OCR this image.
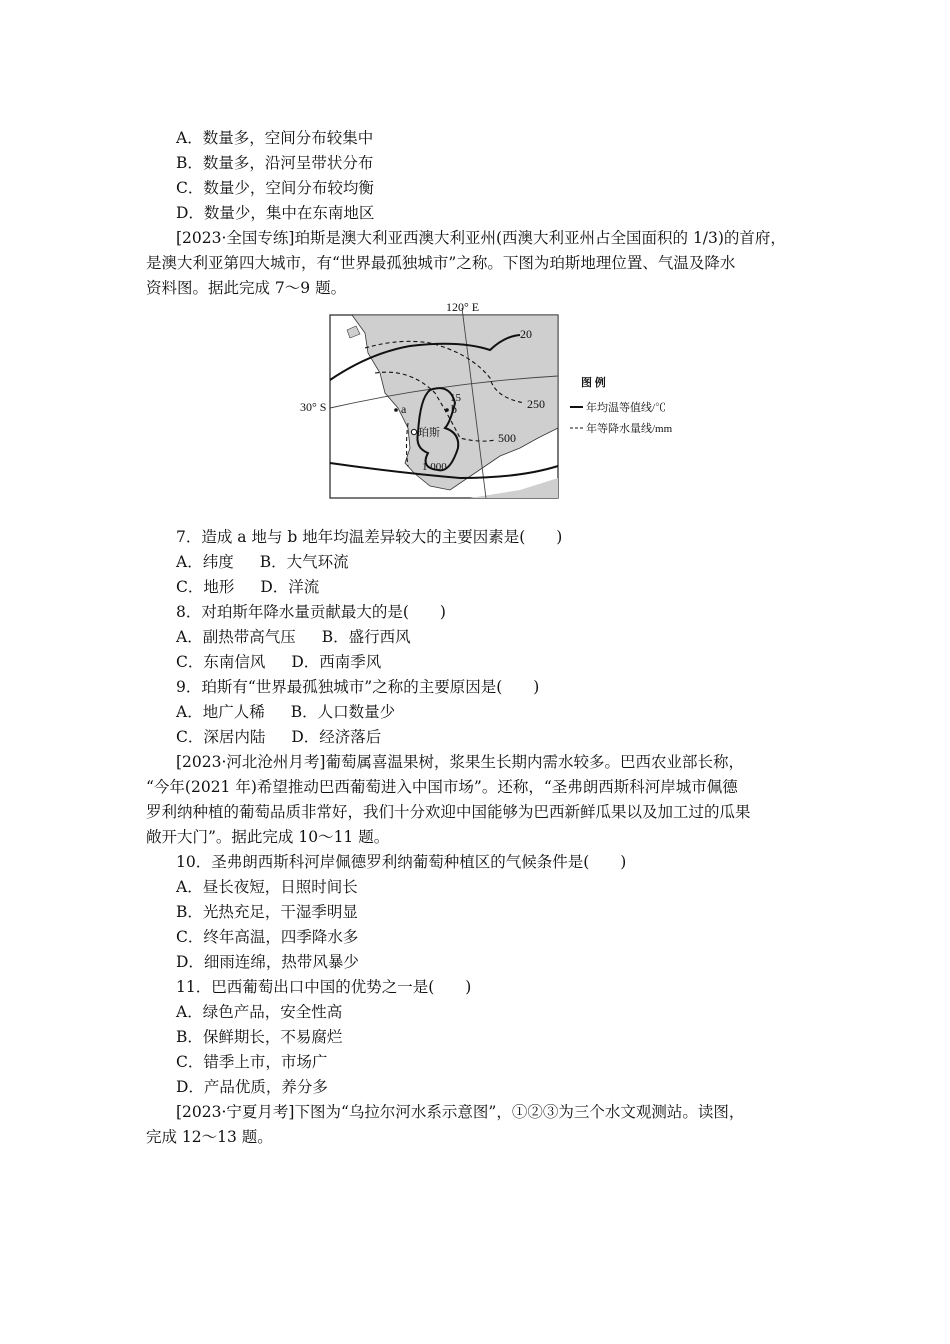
A．数量多，空间分布较集中
B．数量多，沿河呈带状分布
C．数量少，空间分布较均衡
D．数量少，集中在东南地区
[2023·全国专练]珀斯是澳大利亚西澳大利亚州(西澳大利亚州占全国面积的 1/3)的首府，
是澳大利亚第四大城市，有“世界最孤独城市”之称。下图为珀斯地理位置、气温及降水
资料图。据此完成 7～9 题。
120° E
30° S
20
15	250
500
1 000
a	b
珀斯
图 例
年均温等值线/℃
年等降水量线/mm
7．造成 a 地与 b 地年均温差异较大的主要因素是(　　)
A．纬度 B．大气环流
C．地形 D．洋流
8．对珀斯年降水量贡献最大的是(　　)
A．副热带高气压 B．盛行西风
C．东南信风 D．西南季风
9．珀斯有“世界最孤独城市”之称的主要原因是(　　)
A．地广人稀 B．人口数量少
C．深居内陆 D．经济落后
[2023·河北沧州月考]葡萄属喜温果树，浆果生长期内需水较多。巴西农业部长称，
“今年(2021 年)希望推动巴西葡萄进入中国市场”。还称，“圣弗朗西斯科河岸城市佩德
罗利纳种植的葡萄品质非常好，我们十分欢迎中国能够为巴西新鲜瓜果以及加工过的瓜果
敞开大门”。据此完成 10～11 题。
10．圣弗朗西斯科河岸佩德罗利纳葡萄种植区的气候条件是(　　)
A．昼长夜短，日照时间长
B．光热充足，干湿季明显
C．终年高温，四季降水多
D．细雨连绵，热带风暴少
11．巴西葡萄出口中国的优势之一是(　　)
A．绿色产品，安全性高
B．保鲜期长，不易腐烂
C．错季上市，市场广
D．产品优质，养分多
[2023·宁夏月考]下图为“乌拉尔河水系示意图”，①②③为三个水文观测站。读图，
完成 12～13 题。
